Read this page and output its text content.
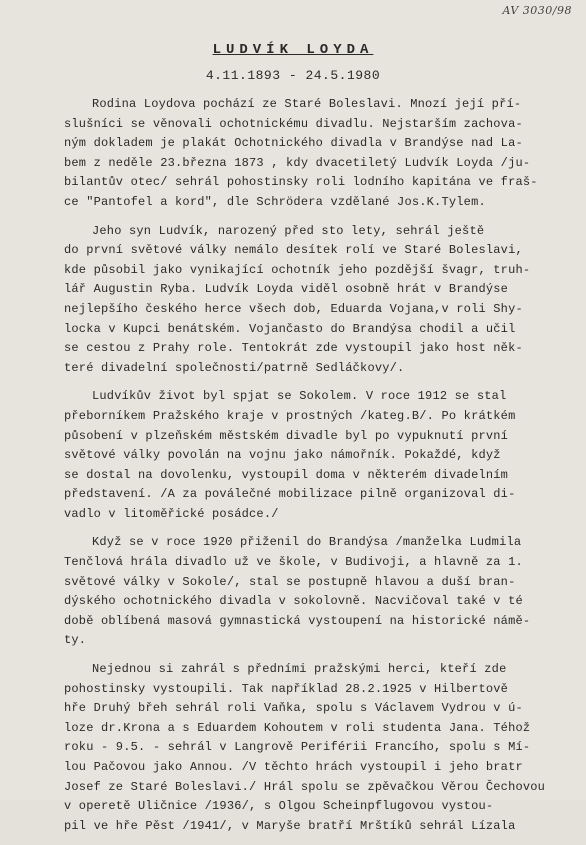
AV 3030/98
LUDVÍK LOYDA
4.11.1893 - 24.5.1980
Rodina Loydova pochází ze Staré Boleslavi. Mnozí její pří-
slušníci se věnovali ochotnickému divadlu. Nejstarším zachova-
ným dokladem je plakát Ochotnického divadla v Brandýse nad La-
bem z neděle 23.března 1873 , kdy dvacetiletý Ludvík Loyda /ju-
bilantův otec/ sehrál pohostinsky roli lodního kapitána ve fraš-
ce "Pantofel a kord", dle Schrödera vzdělané Jos.K.Tylem.
Jeho syn Ludvík, narozený před sto lety, sehrál ještě
do první světové války nemálo desítek rolí ve Staré Boleslavi,
kde působil jako vynikající ochotník jeho pozdější švagr, truh-
lář Augustin Ryba. Ludvík Loyda viděl osobně hrát v Brandýse
nejlepšího českého herce všech dob, Eduarda Vojana,v roli Shy-
locka v Kupci benátském. Vojančasto do Brandýsa chodil a učil
se cestou z Prahy role. Tentokrát zde vystoupil jako host něk-
teré divadelní společnosti/patrně Sedláčkovy/.
Ludvíkův život byl spjat se Sokolem. V roce 1912 se stal
přeborníkem Pražského kraje v prostných /kateg.B/. Po krátkém
působení v plzeňském městském divadle byl po vypuknutí první
světové války povolán na vojnu jako námořník. Pokaždé, když
se dostal na dovolenku, vystoupil doma v některém divadelním
představení. /A za poválečné mobilizace pilně organizoval di-
vadlo v litoměřické posádce./
Když se v roce 1920 přiženil do Brandýsa /manželka Ludmila
Tenčlová hrála divadlo už ve škole, v Budivoji, a hlavně za 1.
světové války v Sokole/, stal se postupně hlavou a duší bran-
dýského ochotnického divadla v sokolovně. Nacvičoval také v té
době oblíbená masová gymnastická vystoupení na historické námě-
ty.
Nejednou si zahrál s předními pražskými herci, kteří zde
pohostinsky vystoupili. Tak například 28.2.1925 v Hilbertově
hře Druhý břeh sehrál roli Vaňka, spolu s Václavem Vydrou v ú-
loze dr.Krona a s Eduardem Kohoutem v roli studenta Jana. Téhož
roku - 9.5. - sehrál v Langrově Periférii Francího, spolu s Mí-
lou Pačovou jako Annou. /V těchto hrách vystoupil i jeho bratr
Josef ze Staré Boleslavi./ Hrál spolu se zpěvačkou Věrou Čechovou
v operetě Uličnice /1936/, s Olgou Scheinpflugovou vystou-
pil ve hře Pěst /1941/, v Maryše bratří Mrštíků sehrál Lízala
